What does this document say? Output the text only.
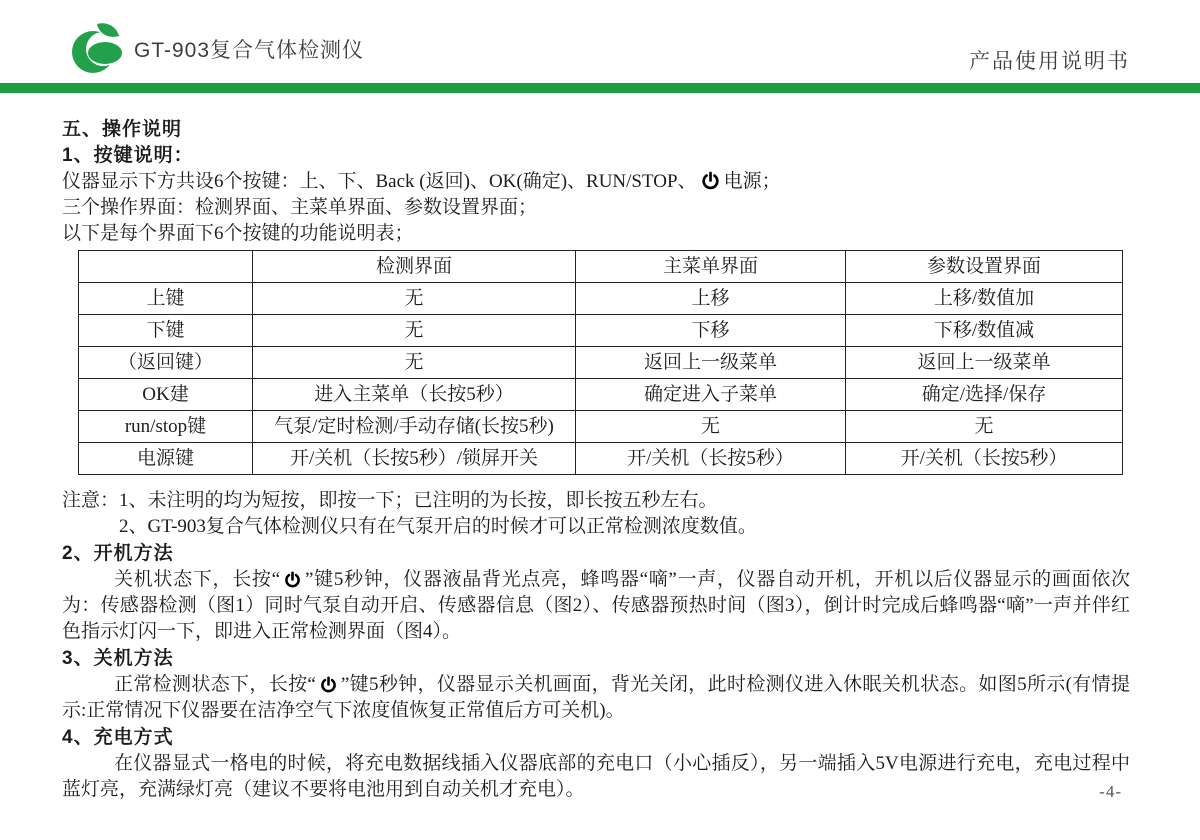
GT-903复合气体检测仪	产品使用说明书
五、操作说明
1、按键说明：

仪器显示下方共设6个按键：上、下、Back (返回)、OK(确定)、RUN/STOP、 电源；

三个操作界面：检测界面、主菜单界面、参数设置界面；

以下是每个界面下6个按键的功能说明表；

	检测界面	主菜单界面	参数设置界面
上键	无	上移	上移/数值加
下键	无	下移	下移/数值减
（返回键）	无	返回上一级菜单	返回上一级菜单
OK建	进入主菜单（长按5秒）	确定进入子菜单	确定/选择/保存
run/stop键	气泵/定时检测/手动存储(长按5秒)	无	无
电源键	开/关机（长按5秒）/锁屏开关	开/关机（长按5秒）	开/关机（长按5秒）

注意：1、未注明的均为短按，即按一下；已注明的为长按，即长按五秒左右。

2、GT-903复合气体检测仪只有在气泵开启的时候才可以正常检测浓度数值。

2、开机方法

关机状态下，长按“ ”键5秒钟，仪器液晶背光点亮，蜂鸣器“嘀”一声，仪器自动开机，开机以后仪器显示的画面依次为：传感器检测（图1）同时气泵自动开启、传感器信息（图2）、传感器预热时间（图3），倒计时完成后蜂鸣器“嘀”一声并伴红色指示灯闪一下，即进入正常检测界面（图4）。

3、关机方法

正常检测状态下，长按“ ”键5秒钟，仪器显示关机画面，背光关闭，此时检测仪进入休眠关机状态。如图5所示(有情提示:正常情况下仪器要在洁净空气下浓度值恢复正常值后方可关机)。

4、充电方式

在仪器显式一格电的时候，将充电数据线插入仪器底部的充电口（小心插反），另一端插入5V电源进行充电，充电过程中蓝灯亮，充满绿灯亮（建议不要将电池用到自动关机才充电）。	-4-
